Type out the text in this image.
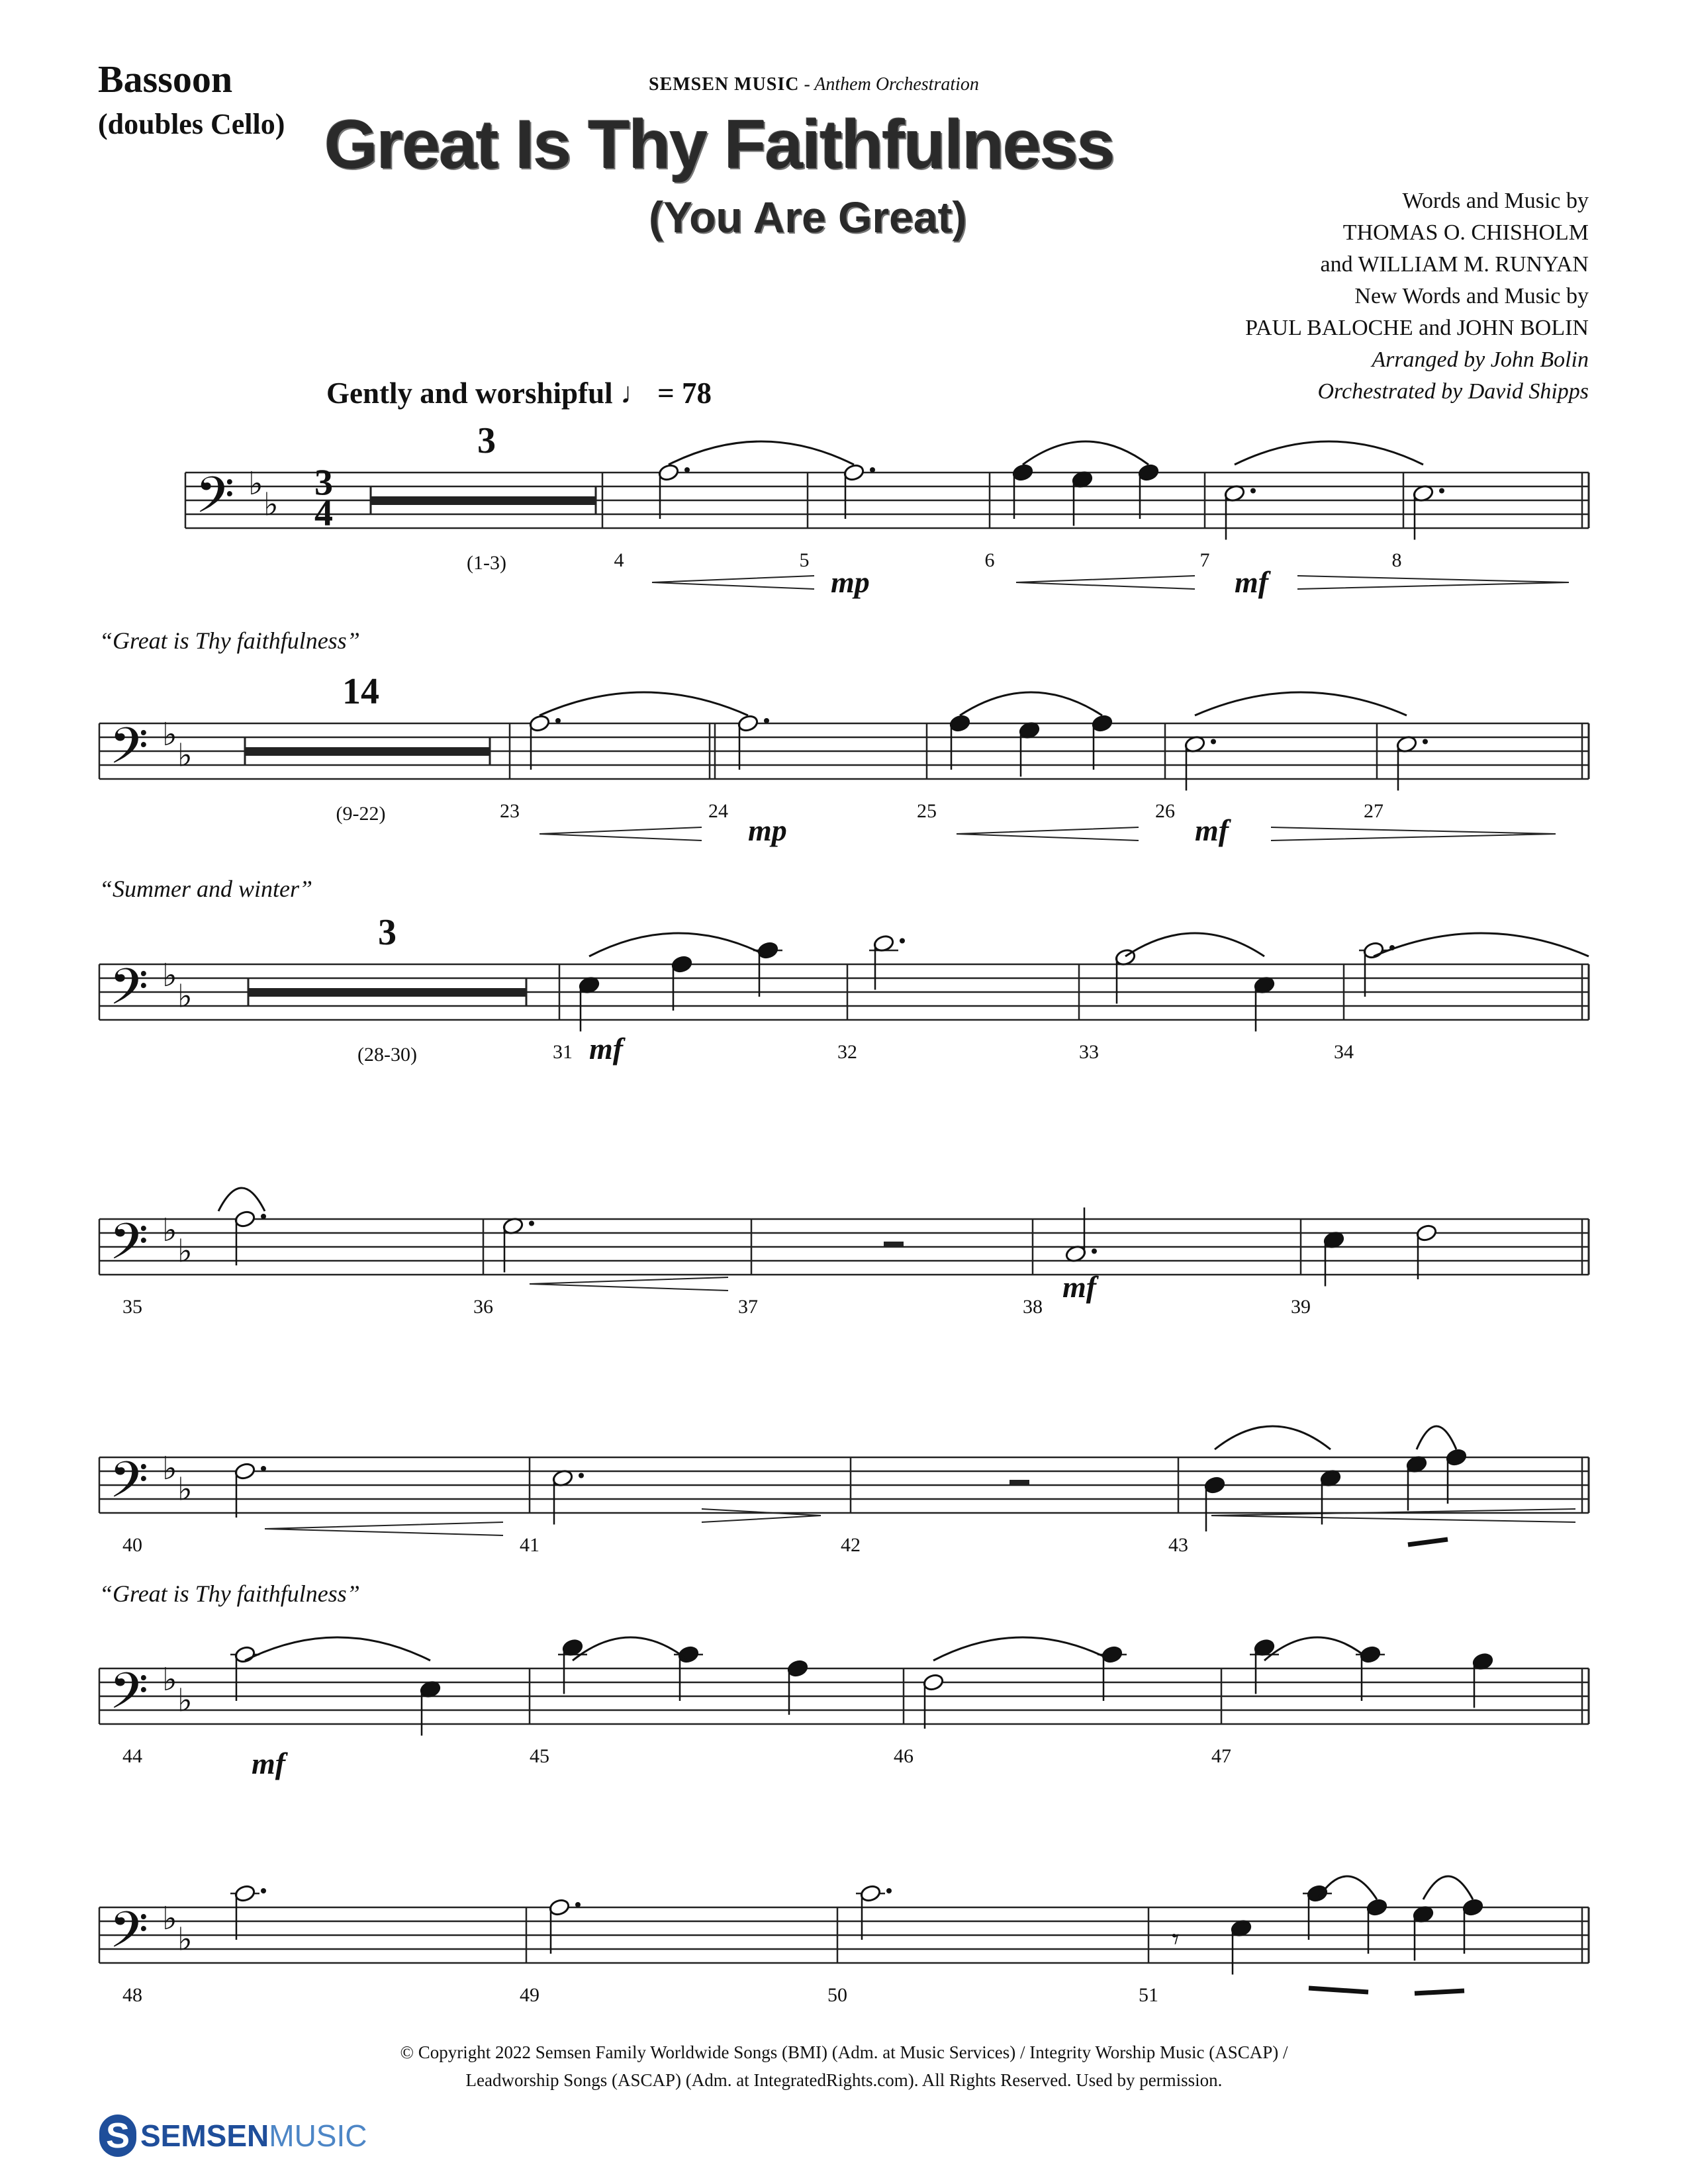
Bassoon
(doubles Cello)
SEMSEN MUSIC - Anthem Orchestration
Great Is Thy Faithfulness
(You Are Great)	Words and Music by
THOMAS O. CHISHOLM
and WILLIAM M. RUNYAN
New Words and Music by
PAUL BALOCHE and JOHN BOLIN
Arranged by John Bolin
Orchestrated by David Shipps
Gently and worshipful ♩ = 78
𝄢 ♭
♭
3
4
3
(1-3)	4	5	6	7	8
mp	mf
𝄢 ♭
♭
14
(9-22)	23	24	25	26	27
“Great is Thy faithfulness”
mp	mf
𝄢 ♭
♭
3
(28-30)	31	32	33	34
“Summer and winter”
mf
𝄢 ♭
♭
35	36	37	38	39
mf
𝄢 ♭
♭
40	41	42	43
𝄢 ♭
♭
44	45	46	47
“Great is Thy faithfulness”
mf
𝄢 ♭
♭
48	49	50	51
𝄾
© Copyright 2022 Semsen Family Worldwide Songs (BMI) (Adm. at Music Services) / Integrity Worship Music (ASCAP) /
Leadworship Songs (ASCAP) (Adm. at IntegratedRights.com). All Rights Reserved. Used by permission.
S SEMSENMUSIC
